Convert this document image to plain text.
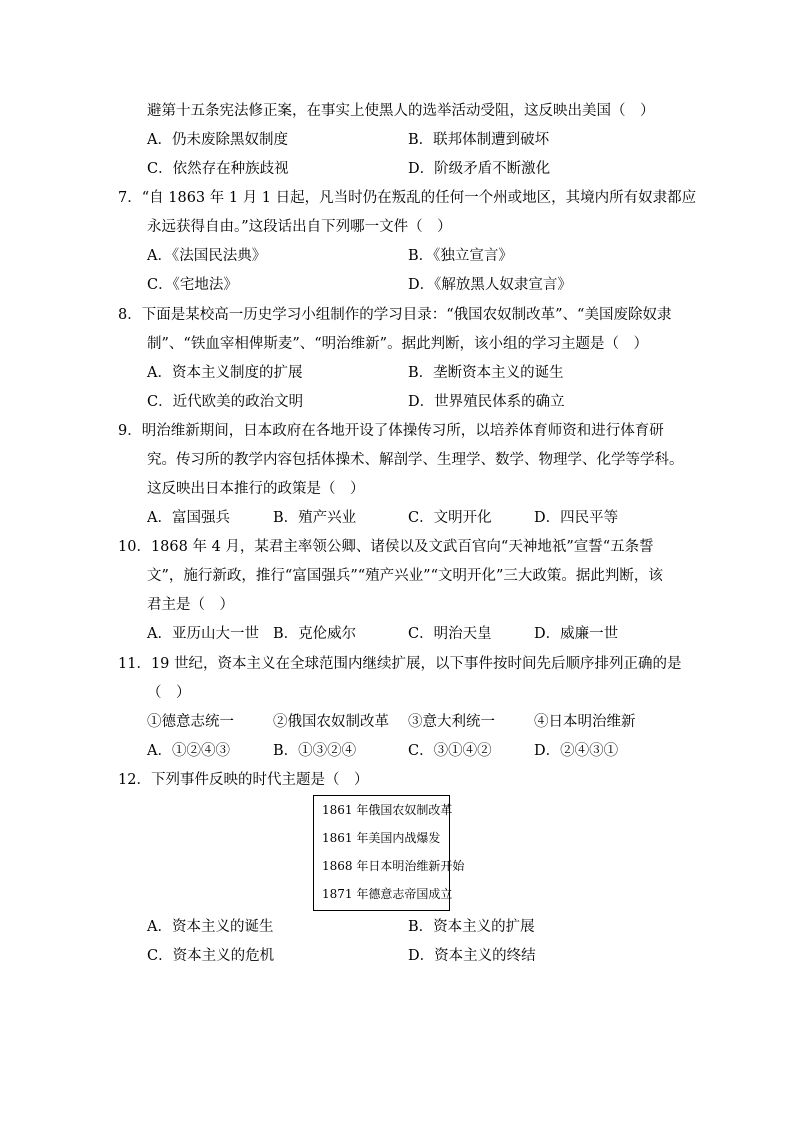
避第十五条宪法修正案，在事实上使黑人的选举活动受阻，这反映出美国（　）
A．仍未废除黑奴制度	B．联邦体制遭到破坏
C．依然存在种族歧视	D．阶级矛盾不断激化
7．“自 1863 年 1 月 1 日起，凡当时仍在叛乱的任何一个州或地区，其境内所有奴隶都应
永远获得自由。”这段话出自下列哪一文件（　）
A．《法国民法典》	B．《独立宣言》
C．《宅地法》	D．《解放黑人奴隶宣言》
8．下面是某校高一历史学习小组制作的学习目录：“俄国农奴制改革”、“美国废除奴隶
制”、“铁血宰相俾斯麦”、“明治维新”。据此判断，该小组的学习主题是（　）
A．资本主义制度的扩展	B．垄断资本主义的诞生
C．近代欧美的政治文明	D．世界殖民体系的确立
9．明治维新期间，日本政府在各地开设了体操传习所，以培养体育师资和进行体育研
究。传习所的教学内容包括体操术、解剖学、生理学、数学、物理学、化学等学科。
这反映出日本推行的政策是（　）
A．富国强兵	B．殖产兴业	C．文明开化	D．四民平等
10．1868 年 4 月，某君主率领公卿、诸侯以及文武百官向“天神地祇”宣誓“五条誓
文”，施行新政，推行“富国强兵”“殖产兴业”“文明开化”三大政策。据此判断，该
君主是（　）
A．亚历山大一世 B．克伦威尔	C．明治天皇	D．威廉一世
11．19 世纪，资本主义在全球范围内继续扩展，以下事件按时间先后顺序排列正确的是
（　）
①德意志统一	②俄国农奴制改革 ③意大利统一	④日本明治维新
A．①②④③	B．①③②④	C．③①④②	D．②④③①
12．下列事件反映的时代主题是（　）
1861 年俄国农奴制改革
1861 年美国内战爆发
1868 年日本明治维新开始
1871 年德意志帝国成立
A．资本主义的诞生	B．资本主义的扩展
C．资本主义的危机	D．资本主义的终结
